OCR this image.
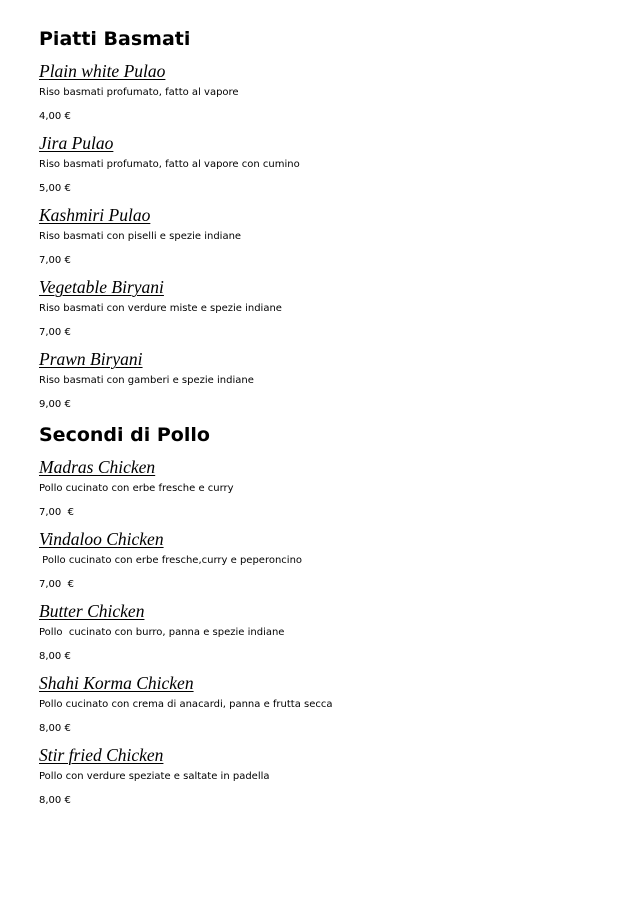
Piatti Basmati
Plain white Pulao
Riso basmati profumato, fatto al vapore
4,00 €
Jira Pulao
Riso basmati profumato, fatto al vapore con cumino
5,00 €
Kashmiri Pulao
Riso basmati con piselli e spezie indiane
7,00 €
Vegetable Biryani
Riso basmati con verdure miste e spezie indiane
7,00 €
Prawn Biryani
Riso basmati con gamberi e spezie indiane
9,00 €
Secondi di Pollo
Madras Chicken
Pollo cucinato con erbe fresche e curry
7,00  €
Vindaloo Chicken
Pollo cucinato con erbe fresche,curry e peperoncino
7,00  €
Butter Chicken
Pollo  cucinato con burro, panna e spezie indiane
8,00 €
Shahi Korma Chicken
Pollo cucinato con crema di anacardi, panna e frutta secca
8,00 €
Stir fried Chicken
Pollo con verdure speziate e saltate in padella
8,00 €
